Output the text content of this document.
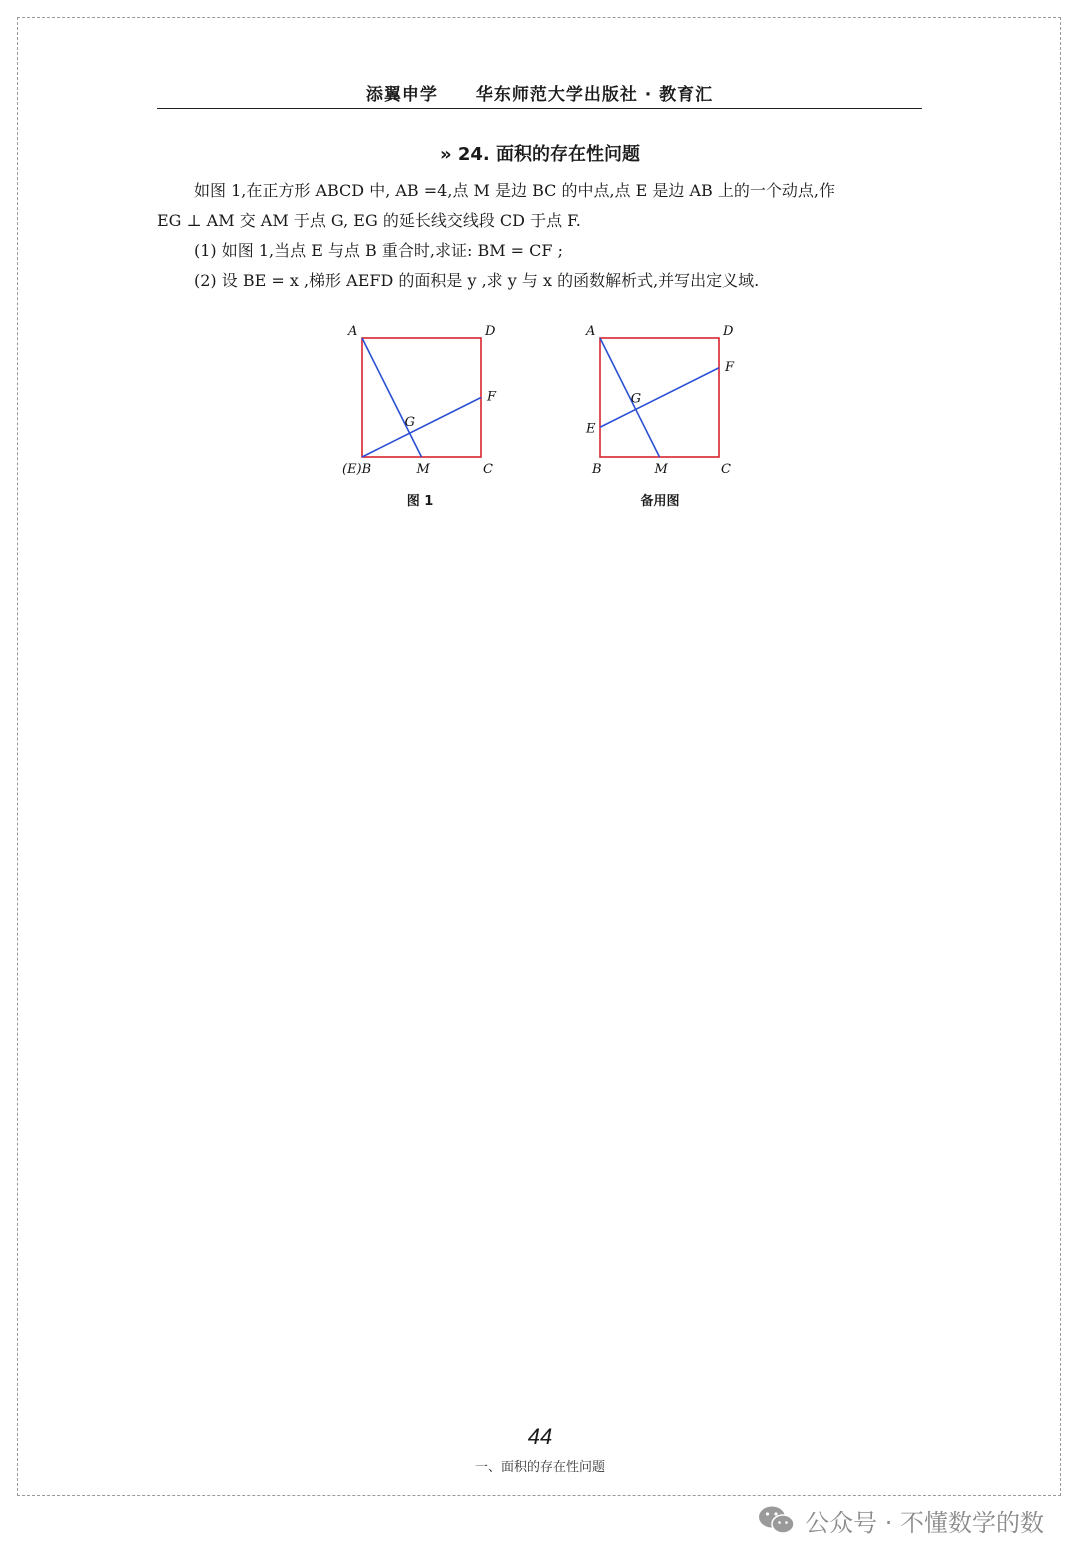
添翼申学 华东师范大学出版社 · 教育汇
» 24. 面积的存在性问题

如图 1,在正方形 ABCD 中, AB =4,点 M 是边 BC 的中点,点 E 是边 AB 上的一个动点,作

EG ⊥ AM 交 AM 于点 G, EG 的延长线交线段 CD 于点 F.

(1) 如图 1,当点 E 与点 B 重合时,求证: BM = CF ;

(2) 设 BE = x ,梯形 AEFD 的面积是 y ,求 y 与 x 的函数解析式,并写出定义域.

A	D
C
M
F
G
(E)B
图 1
A	D
C
M
F
G
B
E
备用图
44
一、面积的存在性问题
公众号 · 不懂数学的数
